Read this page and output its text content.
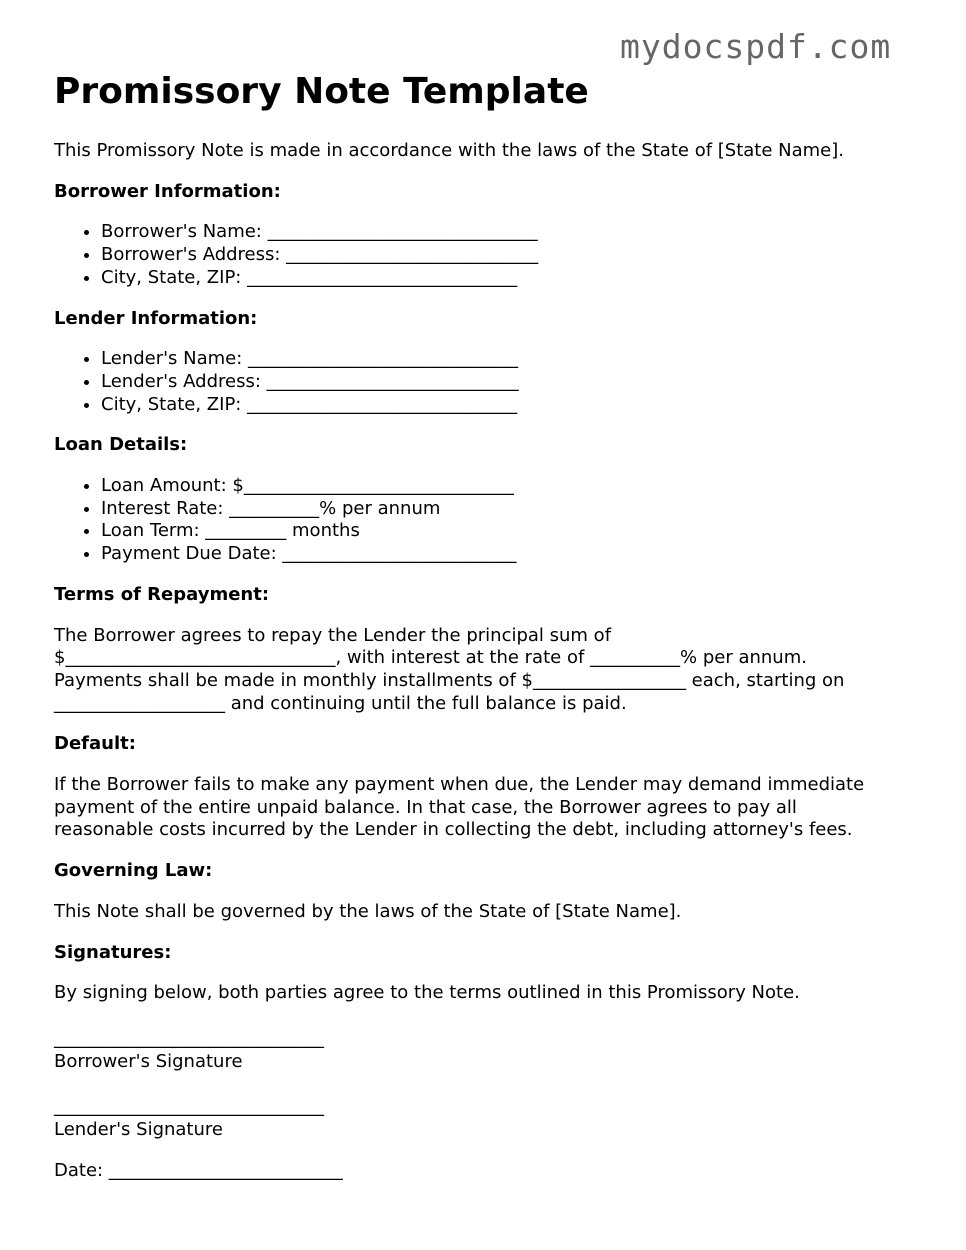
mydocspdf.com
Promissory Note Template

This Promissory Note is made in accordance with the laws of the State of [State Name].

Borrower Information:
• Borrower's Name: ______________________________
• Borrower's Address: ____________________________
• City, State, ZIP: ______________________________
Lender Information:
• Lender's Name: ______________________________
• Lender's Address: ____________________________
• City, State, ZIP: ______________________________
Loan Details:
• Loan Amount: $______________________________
• Interest Rate: __________% per annum
• Loan Term: _________ months
• Payment Due Date: __________________________
Terms of Repayment:

The Borrower agrees to repay the Lender the principal sum of

$______________________________, with interest at the rate of __________% per annum.

Payments shall be made in monthly installments of $_________________ each, starting on

___________________ and continuing until the full balance is paid.

Default:

If the Borrower fails to make any payment when due, the Lender may demand immediate

payment of the entire unpaid balance. In that case, the Borrower agrees to pay all

reasonable costs incurred by the Lender in collecting the debt, including attorney's fees.

Governing Law:

This Note shall be governed by the laws of the State of [State Name].

Signatures:

By signing below, both parties agree to the terms outlined in this Promissory Note.

______________________________

Borrower's Signature

______________________________

Lender's Signature

Date: __________________________
